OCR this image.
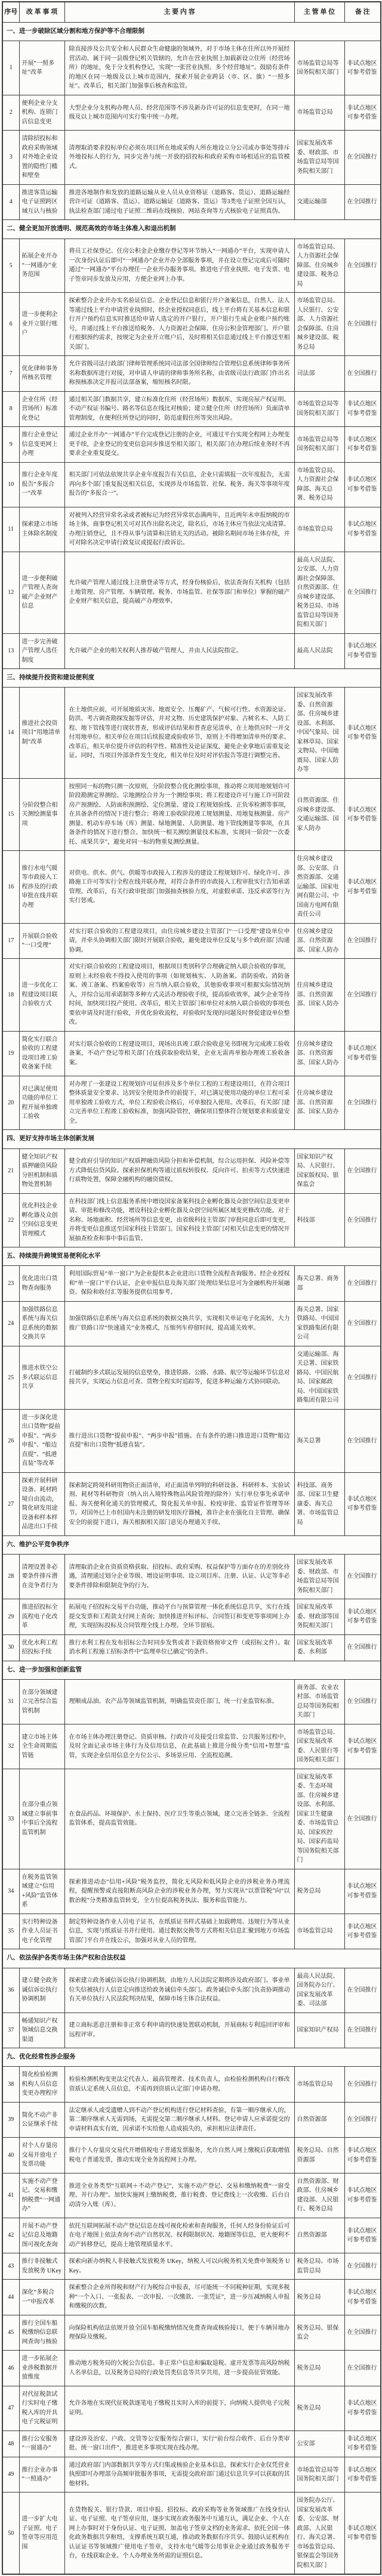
序号	改 革 事 项	主 要 内 容	主 管 单 位	备 注
一、进一步破除区域分割和地方保护等不合理限制				
1	开展“一照多址”改革	除直接涉及公共安全和人民群众生命健康的领域外，对于市场主体在住所以外开展经营活动、属于同一县级登记机关管辖的，允许在营业执照上加载新设立住所（经营场所）的地址，免于分支机构登记，实现“一张营业执照、多个经营地址”。鼓励有条件的地区在同一地级及以上城市范围内，探索开展企业跨县（市、区、旗）“一照多址”。改革后，相关部门加强事后核查和监管。	市场监管总局等国务院相关部门	非试点地区可参考借鉴
2	便利企业分支机构、连锁门店信息变更	大型企业分支机构办理人员、经营范围等不涉及新办许可证的信息变更时，在同一地级及以上城市范围内可实行集中统一办理。	市场监管总局	非试点地区可参考借鉴
3	清除招投标和政府采购领域对外地企业设置的隐性门槛和壁垒	清理取消要求投标单位必须在项目所在地或采购人所在地设立分公司或办事处等排斥外地投标人的行为，同步完善与统一开放的招投标和政府采购市场相适应的监管模式。	国家发展改革委、财政部、市场监管总局等国务院相关部门	在全国推行
4	推进客货运输电子证照跨区域互认与核验	推进各地制作和发放的道路运输从业人员从业资格证（道路客、货运）、道路运输经营许可证（道路客、货运）、道路运输证（道路客、货运）等3类电子证照全国互认，执法检查部门通过电子证照二维码在线核验、网站查询等方式核验电子证照真伪。	交通运输部	在全国推行
二、健全更加开放透明、规范高效的市场主体准入和退出机制				
5	拓展企业开办“一网通办”业务范围	将员工社保登记、住房公积金企业缴存登记等环节纳入“一网通办”平台，实现申请人一次身份认证后即可“一网通办”企业开办全部服务事项，并在设立登记完成后可随时通过“一网通办”平台办理任一企业开办服务事项。推进电子营业执照、电子发票、电子签章同步发放及应用，方便企业网上办事。	市场监管总局、人力资源社会保障部、住房城乡建设部、税务总局	在全国推行
6	进一步便利企业开立银行账户	探索整合企业开办实名验证信息、企业登记信息和银行开户备案信息，自然人、法人等通过线上平台申请营业执照时，经企业授权同意后，线上平台将有关基本信息和银行开户预约信息实时推送给申请人选定的开户银行，开户银行生成企业账户预约账号，并通过线上平台推送给税务、人力资源社会保障、住房公积金管理部门。开户银行根据预约需求，按规定为企业开立账户后，及时将相关信息通过线上平台推送至相关部门。	市场监管总局、人民银行、公安部、人力资源社会保障部、住房城乡建设部、税务总局	在全国推行
7	优化律师事务所核名管理	允许省级司法行政部门律师管理系统同司法部全国律师综合管理信息系统律师事务所名称数据库进行对接，对申请人申请的律师事务所名称，由省级司法行政部门作出名称预核准决定并报司法部备案，缩短核名时限。	司法部	在全国推行
8	企业住所（经营场所）标准化登记	通过相关部门数据共享，建立标准化住所（经营场所）数据库，实现房屋产权证明、不动产权证书编号、路名等信息在线比对核验；建立健全住所（经营场所）负面清单管理制度，在便利住所登记的同时，防范虚假住所等突出风险。	市场监管总局等国务院相关部门	非试点地区可参考借鉴
9	推行企业登记信息变更网上办理	通过企业开办“一网通办”平台完成登记注册的企业，可通过平台实现全程网上办理变更手续，企业登记的变更信息同步推送至相关部门，相关部门在办理后续业务时不再要求企业重复提交。	市场监管总局等国务院相关部门	非试点地区可参考借鉴
10	推行企业年度报告“多报合一”改革	相关部门可依法依规共享企业年度报告有关信息，企业只需填报一次年度报告，无需再向多个部门重复报送相关信息，实现涉及市场监管、社保、税务、海关等事项年度报告的“多报合一”。	市场监管总局、人力资源社会保障部、海关总署、税务总局	非试点地区可参考借鉴
11	探索建立市场主体除名制度	对被列入经营异常名录或者被标记为经营异常状态满两年，且近两年未申报纳税的市场主体，商事登记机关可对其作出除名决定，除名后，市场主体应当依法完成清算、办理注销登记，且不得从事与清算和注销无关的活动。被除名期间市场主体存续，并可对除名决定申请行政复议或提起行政诉讼。	市场监管总局	非试点地区可参考借鉴
12	进一步便利破产管理人查询破产企业财产信息	允许破产管理人通过线上注册登录等方式，经身份核验后，依法查询有关机构（包括土地管理、房产管理、车辆管理、税务、市场监管、社保等部门和单位）掌握的破产企业财产相关信息，提高破产办理效率。	最高人民法院、公安部、人力资源社会保障部、自然资源部、住房城乡建设部、税务总局、市场监管总局等国务院相关部门	在全国推行
13	进一步完善破产管理人选任制度	允许破产企业的相关权利人推荐破产管理人，并由人民法院指定。	最高人民法院	非试点地区可参考借鉴
三、持续提升投资和建设便利度				
14	推进社会投资项目“用地清单制”改革	在土地供应前，可开展地质灾害、地震安全、压覆矿产、气候可行性、水资源论证、防洪、考古调查勘探发掘等评估，并对文物、历史建筑保护对象、古树名木、人防工程、地下管线等进行现状普查，形成评估结果和普查意见清单，在土地供应时一并交付用地单位。相关单位在项目后续报建或验收环节，原则上不得增加清单外的要求。改革后，相关单位提升评估的科学性、精准性及论证深度，避免企业拿地后需重复论证。同时，当项目外部条件发生变化，相关单位及时对评估报告等进行调整完善。	国家发展改革委、自然资源部、住房城乡建设部、水利部、中国气象局、国家林草局、国家文物局、中国地震局、国家人防办等	非试点地区可参考借鉴
15	分阶段整合相关测绘测量事项	按照同一标的物只测一次原则，分阶段整合优化测绘事项，推动将立项用地规划许可阶段勘测定界测绘、宗地测绘合并为一个测绘事项；将工程建设许可与施工许可阶段房产预测绘、人防面积预测绘、定位测量、建设工程规划验线、正负零检测等事项，在具备条件的情况下进行整合；将竣工验收阶段竣工规划测量、用地复核测量、房产测量、机动车停车场（库）测量、绿地测量、人防测量、地下管线测量等事项，在具备条件的情况下进行整合。加快统一相关测绘测量技术标准，实现同一阶段“一次委托、成果共享”，避免对同一标的物重复测绘测量。	自然资源部、住房城乡建设部、交通运输部、国家人防办	非试点地区可参考借鉴
16	推行水电气暖等市政接入工程涉及的行政审批在线并联办理	对供电、供水、供气、供暖等市政接入工程涉及的建设工程规划许可、绿化许可、涉路施工许可等实行全程在线并联办理，对符合条件的市政接入工程审批实行告知承诺管理。改革后，有关行政审批部门加强抽查核验力度，对虚假承诺、违反承诺等行为实行惩戒。	住房城乡建设部、公安部、自然资源部、交通运输部、国家电网有限公司、中国南方电网有限责任公司	非试点地区可参考借鉴
17	开展联合验收“一口受理”	对实行联合验收的工程建设项目，由住房城乡建设主管部门“一口受理”建设单位申请，并牵头协调相关部门限时开展联合验收，避免建设单位反复与多个政府部门沟通协调。	住房城乡建设部、自然资源部、国家人防办	在全国推行
18	进一步优化工程建设项目联合验收方式	对实行联合验收的工程建设项目，根据项目类别科学合理确定纳入联合验收的事项，原则上未经验收不得投入使用的事项（如规划核实、人防备案、消防验收、消防备案、竣工备案、档案验收等）应当纳入联合验收，其他验收事项可根据实际情况纳入，并综合运用承诺制等多种方式灵活办理验收手续，提高验收效率，减少企业等待时间，加快项目投产使用。改革后，相关主管部门和单位对未纳入联合验收的事项也要依申请及时进行验收，并优化验收流程，对验收时发现的问题及时督促建设单位整改。	住房城乡建设部、自然资源部、国家人防办	在全国推行
19	简化实行联合验收的工程建设项目竣工验收备案手续	对实行联合验收的工程建设项目，现场出具竣工联合验收意见书即视为完成竣工验收备案，不动产登记等相关部门在线获取验收结果，企业无需再单独办理竣工验收备案。	住房城乡建设部、自然资源部、国家人防办	非试点地区可参考借鉴
20	对已满足使用功能的单位工程开展单独竣工验收	对办理了一张建设工程规划许可证但涉及多个单位工程的工程建设项目，在符合项目整体质量安全要求、达到安全使用条件的前提下，对已满足使用功能的单位工程可采用单独竣工验收方式，单位工程验收合格后，可单独投入使用。改革后，有关部门建立完善单位工程竣工验收标准，加强风险管控，确保项目整体符合规划要求和质量安全。	住房城乡建设部、自然资源部、国家人防办	在全国推行
四、更好支持市场主体创新发展				
21	健全知识产权质押融资风险分担机制和质物处置机制	健全政府引导的知识产权质押融资风险分担和补偿机制，综合运用担保、风险补偿等方式降低信贷风险。探索担保机构等通过质权转股权、反向许可、拍卖等方式快速进行质物处置，保障金融机构的融资债权。	国家知识产权局、人民银行、国家版权局、银保监会	在全国推行
22	优化科技企业孵化器及众创空间信息变更管理模式	在科技部门线上信息服务系统中增设国家备案科技企业孵化器及众创空间信息变更申请、审批和修改功能，增设科技企业孵化器及众创空间所属区域变更修改功能。对于名称、场地面积、经营场所等信息变更，由省级科技主管部门审批同意后即可变更，并将变更信息推送至国家科技主管部门。国家科技主管部门对相关信息变更的情况开展抽查检查和事中事后监管。	科技部	在全国推行
五、持续提升跨境贸易便利化水平				
23	优化进出口货物查询服务	利用国际贸易“单一窗口”为企业提供本企业进出口货物全流程查询服务。经企业授权和“单一窗口”平台认证，企业申报信息及海关部门处理结果信息可为金融机构开展融资、保险和收付汇等服务提供信用参考。	海关总署、商务部	在全国推行
24	加强铁路信息系统与海关信息系统的数据交换共享	加强铁路信息系统与海关信息系统的数据交换共享，实现相关单证电子化流转，大力推广铁路口岸“快速通关”业务模式，压缩列车停留时间，提高通关效率。	海关总署、国家铁路局、中国国家铁路集团有限公司	在全国推行
25	推进水铁空公多式联运信息共享	打破制约多式联运发展的信息壁垒，推进铁路、公路、水路、航空等运输环节信息对接共享，实现运力信息可查、货物全程实时追踪等，促进多种运输方式协同联动。	交通运输部、海关总署、国家铁路局、中国民航局、国家邮政局、中国国家铁路集团有限公司	在全国推行
26	进一步深化进出口货物“提前申报”、“两步申报”、“船边直提”、“抵港直装”等改革	推行进出口货物“提前申报”、“两步申报”措施。在有条件的港口推进进口货物“船边直提”和出口货物“抵港直装”。	海关总署	在全国推行
27	探索开展科研设备、耗材跨境自由流动，简化研发用途设备和样本样品进出口手续	探索制定跨境科研用物资正面清单，对正面清单列明的科研设备、科研样本、实验试剂、耗材等科研物资（纳入出入境特殊物品风险管理的除外）实行单位事先承诺申报、海关便利化通关的管理模式，简化报关单申报、检疫审批、监管证件管理等环节。对国外已上市但国内未注册的研发用医疗器械，准许企业在强化自主管理、确保安全的前提下进口，海关根据相关部门意见办理通关手续。	科技部、商务部、国家卫生健康委、海关总署、市场监管总局	非试点地区可参考借鉴
六、维护公平竞争秩序				
28	清理设置非必要条件排斥潜在竞争者行为	清理取消企业在资质资格获取、招投标、政府采购、权益保护等方面存在的差别化待遇，清理通过划分企业等级、增设证明事项、设立项目库、注册、认证、认定等非必要条件排除和限制竞争的行为。	国家发展改革委、财政部、市场监管总局等国务院相关部门	在全国推行
29	推进招投标全流程电子化改革	拓展电子招投标交易平台功能，推动平台与预算管理一体化系统信息共享，实行在线提交发票和工程款支付网上查询；加快推进开标评标、合同签订和变更等事项网上办理，实现招标投标及合同管理全线上办理、全环节留痕。	国家发展改革委、财政部等国务院相关部门	非试点地区可参考借鉴
30	优化水利工程招投标手续	推行水利工程在发布招标公告时同步发售或者下载资格预审文件（或招标文件）。取消水利工程施工招标条件中“监理单位已确定”的条件。	国家发展改革委、水利部	在全国推行
七、进一步加强和创新监管				
31	在部分领域建立完善综合监管机制	理顺成品油、农产品等领域监管机制，明确监管责任部门，统一行业监管标准。	商务部、农业农村部、市场监管总局等国务院相关部门	在全国推行
32	建立市场主体全生命周期监管链	在市场主体办理注册登记、资质审核、行政许可及接受日常监管、公共服务过程中，及时全面记录市场主体行为及信用信息，在此基础上推进分级分类“信用+智慧”监管，实现企业信用信息全方位公示、多场景应用、全流程追溯。	市场监管总局、国家发展改革委、人民银行等国务院相关部门	非试点地区可参考借鉴
33	在部分重点领域建立事前事中事后全流程监管机制	在食品药品、环境保护、水土保持、医疗卫生等重点领域，建立完善全链条、全流程监管体系，提高监管效能。	国家发展改革委、生态环境部、住房城乡建设部、水利部、国家卫生健康委、市场监管总局、国家疾控局、国家药监局等国务院相关部门	在全国推行
34	在税务监管领域建立“信用+风险”监管体系	探索推进动态“信用+风险”税务监控，简化无风险和低风险企业的涉税业务办理流程，提醒预警或直接阻断高风险企业的涉税业务办理，努力实现从“以票管税”向“以数治税”分类精准监管转变，全方位提高税务执法、服务和监管能力。	税务总局	非试点地区可参考借鉴
35	实行特种设备作业人员证书电子化管理	制定特种设备作业人员电子证书，在纸质证书样式基础上加载聘用、违规行为等从业信息，实现与纸质证书并行使用。通过数据交换等方式将相关信息汇聚到地方市场监管部门平台并在线公示，加强对从业人员的管理。	市场监管总局	非试点地区可参考借鉴
八、依法保护各类市场主体产权和合法权益				
36	建立健全政务诚信诉讼执行协调机制	探索建立政务诚信诉讼执行协调机制，由地方人民法院定期将涉及政府部门、事业单位失信被执行人信息定向推送给政务诚信牵头部门。政务诚信牵头部门负责协调推动有关单位执行人民法院判决结果，保障市场主体合法权益。	最高人民法院、国务院办公厅、国家发展改革委、司法部	在全国推行
37	畅通知识产权领域信息交换渠道	建立商标恶意注册和非正常专利申请的快速处置联动机制，开展商标专利巡回评审和远程评审。	国家知识产权局	在全国推行
九、优化经常性涉企服务				
38	简化检验检测机构人员信息变更办理程序	检验检测机构变更法定代表人、最高管理者、技术负责人，由检验检测机构自行修改资质认定系统人员信息，不需再到资质认定部门申请办理。	市场监管总局	在全国推行
39	简化不动产非公证继承手续	法定继承人或受遗赠人到不动产登记机构进行登记材料查验，有第一顺序继承人的，第二顺序继承人无需到场，无需提交第二顺序继承人材料。登记申请人应承诺提交的申请材料真实有效，因承诺不实给他人造成损失的，承担相应法律责任。	自然资源部	在全国推行
40	对个人存量房交易开放电子发票功能	推行个人存量房交易代开增值税电子普通发票服务，允许自然人网上缴税后获取增值税电子普通发票，推动实现全业务流程网上办理。	税务总局、自然资源部	非试点地区可参考借鉴
41	实施不动产登记、交易和缴纳税费“一网通办”	推进全业务类型“互联网＋不动产登记”，实施不动产登记、交易和缴纳税费“一窗受理、并行办理”。加快实施网上缴纳税费，推行税费、登记费线上一次收缴、后台自动清分入账（库）。	自然资源部、财政部、住房城乡建设部、人民银行、税务总局	非试点地区可参考借鉴
42	开展不动产登记信息及地籍图可视化查询	依托互联网拓展不动产登记信息在线可视化检索和查询服务，任何人经身份验证后可在电子地图上依法查询不动产自然状况、权利限制状况、地籍图等信息，更大便利不动产转移登记，提高土地管理质量水平。	自然资源部	非试点地区可参考借鉴
43	推行非接触式发放税务 UKey	探索向新办纳税人非接触式发放税务 UKey，纳税人可以向税务机关免费申领税务 UKey。	税务总局、市场监管总局	在全国推行
44	深化“多税合一”申报改革	探索整合企业所得税和财产行为税综合申报表，尽可能统一不同税种征期，实现多税种“一个入口、一张报表、一次申报、一次缴款、一张凭证”，进一步压减纳税人申报和缴税的次数。	税务总局	非试点地区可参考借鉴
45	推行全国车船税缴纳信息联网查询与核验	向保险机构依法依规开放全国车船税缴纳情况免费查询或核验接口，便于车辆异地办理保险及缴税。	税务总局、银保监会	在全国推行
46	进一步拓展企业涉税数据开放维度	推动地方税务局的欠税公告信息、非正常户信息和骗取退税、虚开发票等高风险纳税人名单信息，以及税务总局的行政处罚类信息等共享共用，进一步提高征管效能。	税务总局	在全国推行
47	对代征税款试行实时电子缴税入库的开具电子完税证明	允许各地在实现代征税款逐笔电子缴税且实时入库的前提下，向纳税人提供电子完税证明。	税务总局	非试点地区可参考借鉴
48	推行公安服务“一窗通办”	建设涉及治安、户政、交管等公安服务综合窗口，实行“前台综合收件、后台分类审批、统一窗口出件”，推进更多事项实现在线办理。	公安部	非试点地区可参考借鉴
49	推行企业办事“一照通办”	通过政府部门内部数据共享等方式归集或核验企业基本信息，探索实行企业仅凭营业执照即可办理部分高频审批服务事项，无需提交政府部门通过信息共享可以获取的其他材料。	市场监管总局等国务院相关部门	非试点地区可参考借鉴
50	进一步扩大电子证照、电子签章等应用范围	在货物报关、银行贷款、项目申报、招投标、政府采购等业务领域推广在线身份认证、电子证照、电子签章应用，逐步实现在政务服务中互通互认，满足企业、个人在网上办事时对于身份认证、电子证照、加盖电子签章文档的业务需求。依托全国一体化政务数据共享枢纽，支撑系统互联互通，推动政务数据有序共享。鼓励认证机构在认证证书等领域推广使用电子签章，支持水电气暖等公用事业企业通过政务服务平台，在线获取企业、个人办理业务所需的证照信息。	国务院办公厅、国家发展改革委、公安部、财政部、人民银行、海关总署、市场监管总局、银保监会等国务院相关部门	非试点地区可参考借鉴
